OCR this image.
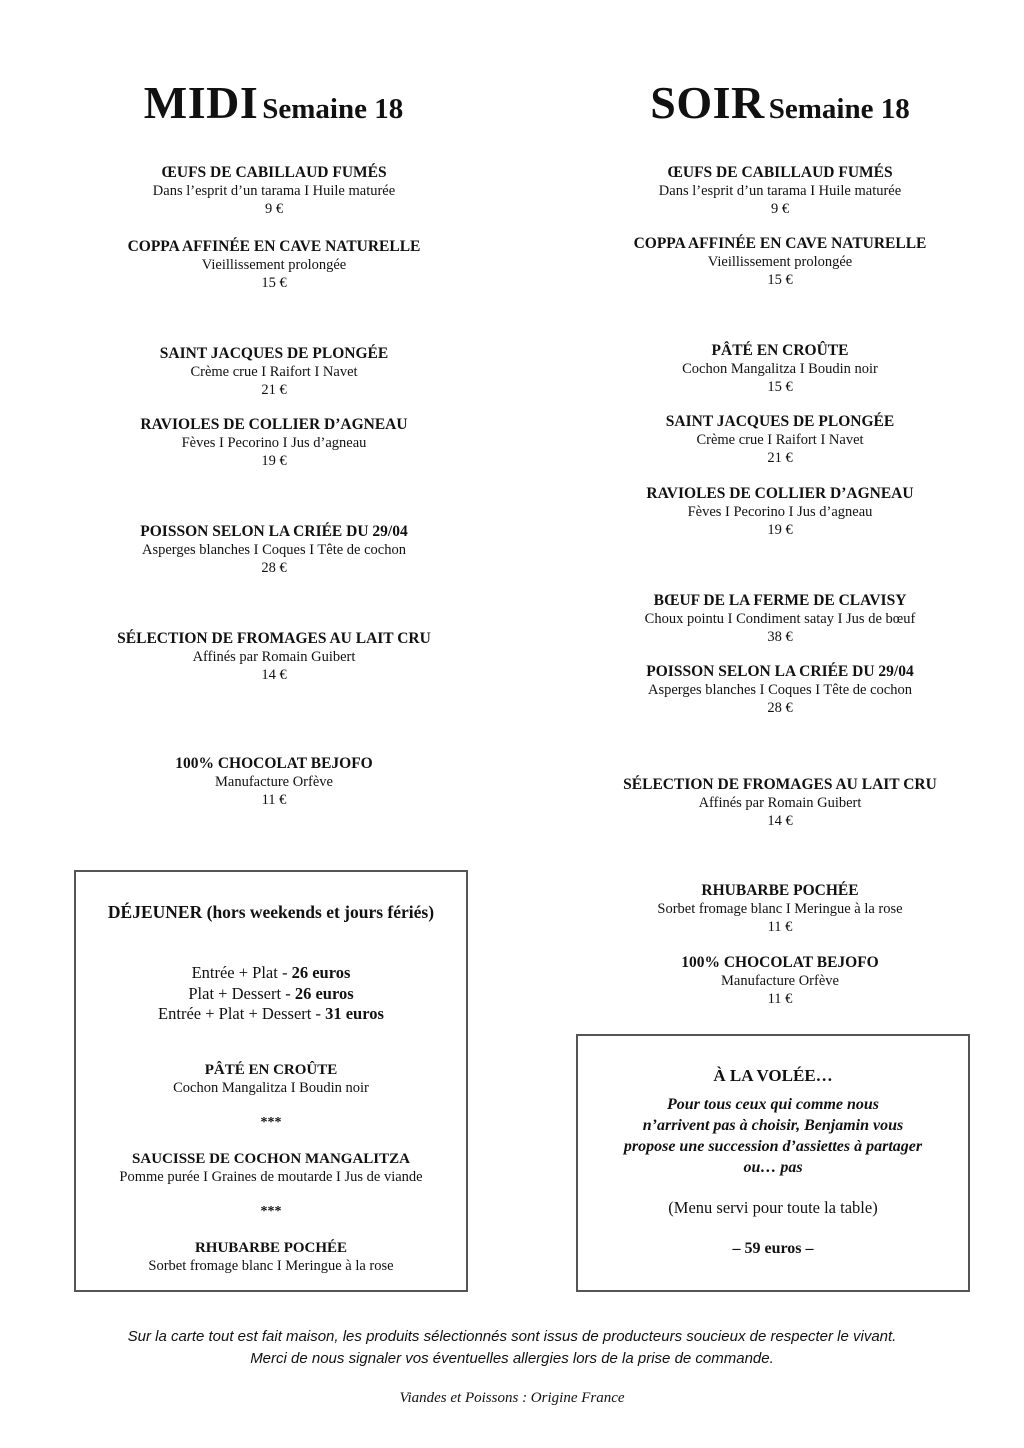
MIDI Semaine 18	SOIR Semaine 18
ŒUFS DE CABILLAUD FUMÉS
Dans l’esprit d’un tarama I Huile maturée
9 €
COPPA AFFINÉE EN CAVE NATURELLE
Vieillissement prolongée
15 €
SAINT JACQUES DE PLONGÉE
Crème crue I Raifort I Navet
21 €
RAVIOLES DE COLLIER D’AGNEAU
Fèves I Pecorino I Jus d’agneau
19 €
POISSON SELON LA CRIÉE DU 29/04
Asperges blanches I Coques I Tête de cochon
28 €
SÉLECTION DE FROMAGES AU LAIT CRU
Affinés par Romain Guibert
14 €
100% CHOCOLAT BEJOFO
Manufacture Orfève
11 €
ŒUFS DE CABILLAUD FUMÉS
Dans l’esprit d’un tarama I Huile maturée
9 €
COPPA AFFINÉE EN CAVE NATURELLE
Vieillissement prolongée
15 €
PÂTÉ EN CROÛTE
Cochon Mangalitza I Boudin noir
15 €
SAINT JACQUES DE PLONGÉE
Crème crue I Raifort I Navet
21 €
RAVIOLES DE COLLIER D’AGNEAU
Fèves I Pecorino I Jus d’agneau
19 €
BŒUF DE LA FERME DE CLAVISY
Choux pointu I Condiment satay I Jus de bœuf
38 €
POISSON SELON LA CRIÉE DU 29/04
Asperges blanches I Coques I Tête de cochon
28 €
SÉLECTION DE FROMAGES AU LAIT CRU
Affinés par Romain Guibert
14 €
RHUBARBE POCHÉE
Sorbet fromage blanc I Meringue à la rose
11 €
100% CHOCOLAT BEJOFO
Manufacture Orfève
11 €
DÉJEUNER (hors weekends et jours fériés)
Entrée + Plat - 26 euros
Plat + Dessert - 26 euros
Entrée + Plat + Dessert - 31 euros
PÂTÉ EN CROÛTE
Cochon Mangalitza I Boudin noir
***
SAUCISSE DE COCHON MANGALITZA
Pomme purée I Graines de moutarde I Jus de viande
***
RHUBARBE POCHÉE
Sorbet fromage blanc I Meringue à la rose
À LA VOLÉE…
Pour tous ceux qui comme nous
n’arrivent pas à choisir, Benjamin vous
propose une succession d’assiettes à partager
ou… pas
(Menu servi pour toute la table)
– 59 euros –
Sur la carte tout est fait maison, les produits sélectionnés sont issus de producteurs soucieux de respecter le vivant.
Merci de nous signaler vos éventuelles allergies lors de la prise de commande.
Viandes et Poissons : Origine France
